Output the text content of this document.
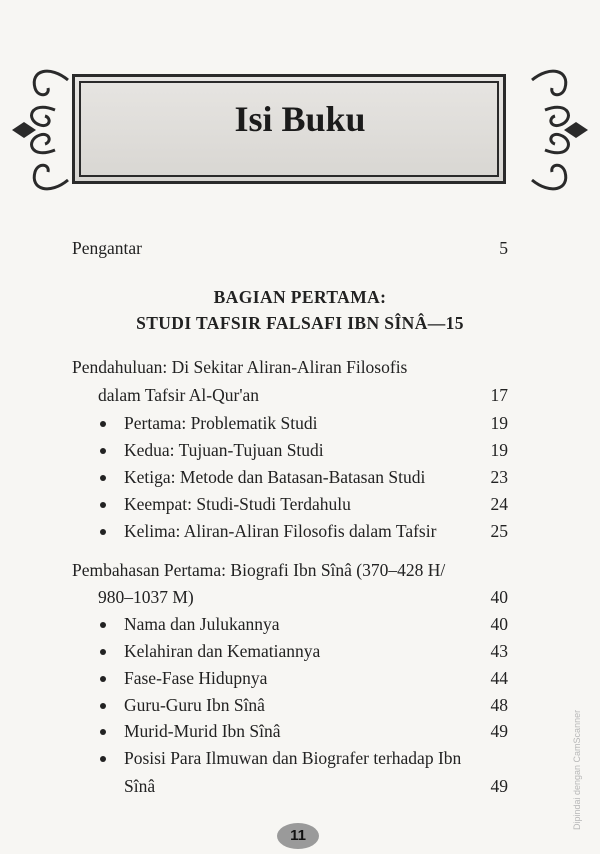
Isi Buku
Pengantar	5
BAGIAN PERTAMA:
STUDI TAFSIR FALSAFI IBN SÎNÂ—15
Pendahuluan: Di Sekitar Aliran-Aliran Filosofis
dalam Tafsir Al-Qur'an	17
Pertama: Problematik Studi	19
Kedua: Tujuan-Tujuan Studi	19
Ketiga: Metode dan Batasan-Batasan Studi	23
Keempat: Studi-Studi Terdahulu	24
Kelima: Aliran-Aliran Filosofis dalam Tafsir	25
Pembahasan Pertama: Biografi Ibn Sînâ (370–428 H/
980–1037 M)	40
Nama dan Julukannya	40
Kelahiran dan Kematiannya	43
Fase-Fase Hidupnya	44
Guru-Guru Ibn Sînâ	48
Murid-Murid Ibn Sînâ	49
Posisi Para Ilmuwan dan Biografer terhadap Ibn
Sînâ	49
11
Dipindai dengan CamScanner
